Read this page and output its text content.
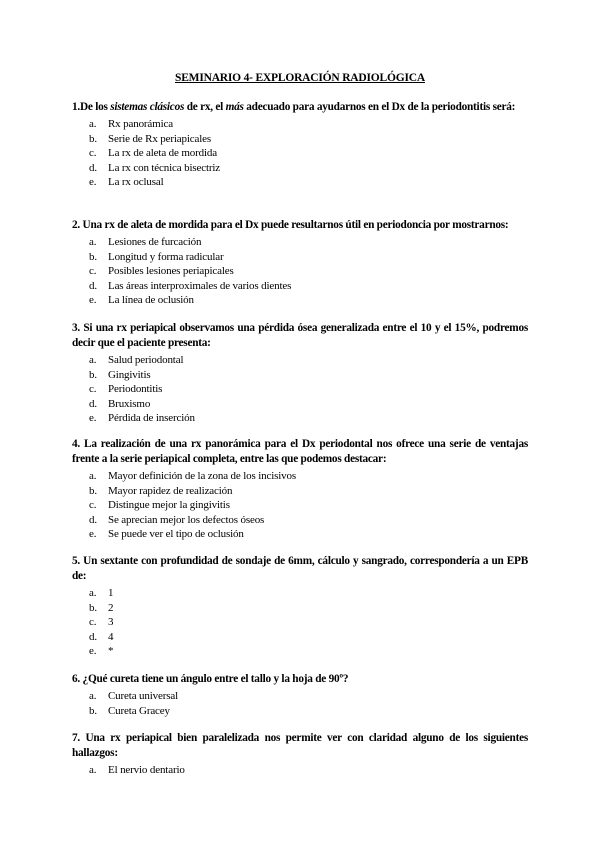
SEMINARIO 4- EXPLORACIÓN RADIOLÓGICA

1.De los sistemas clásicos de rx, el más adecuado para ayudarnos en el Dx de la periodontitis será:

a. Rx panorámica
b. Serie de Rx periapicales
c. La rx de aleta de mordida
d. La rx con técnica bisectriz
e. La rx oclusal

2. Una rx de aleta de mordida para el Dx puede resultarnos útil en periodoncia por mostrarnos:

a. Lesiones de furcación
b. Longitud y forma radicular
c. Posibles lesiones periapicales
d. Las áreas interproximales de varios dientes
e. La línea de oclusión

3. Si una rx periapical observamos una pérdida ósea generalizada entre el 10 y el 15%, podremos decir que el paciente presenta:

a. Salud periodontal
b. Gingivitis
c. Periodontitis
d. Bruxismo
e. Pérdida de inserción

4. La realización de una rx panorámica para el Dx periodontal nos ofrece una serie de ventajas frente a la serie periapical completa, entre las que podemos destacar:

a. Mayor definición de la zona de los incisivos
b. Mayor rapidez de realización
c. Distingue mejor la gingivitis
d. Se aprecian mejor los defectos óseos
e. Se puede ver el tipo de oclusión

5. Un sextante con profundidad de sondaje de 6mm, cálculo y sangrado, correspondería a un EPB de:

a. 1
b. 2
c. 3
d. 4
e. *

6. ¿Qué cureta tiene un ángulo entre el tallo y la hoja de 90º?

a. Cureta universal
b. Cureta Gracey

7. Una rx periapical bien paralelizada nos permite ver con claridad alguno de los siguientes hallazgos:

a. El nervio dentario
